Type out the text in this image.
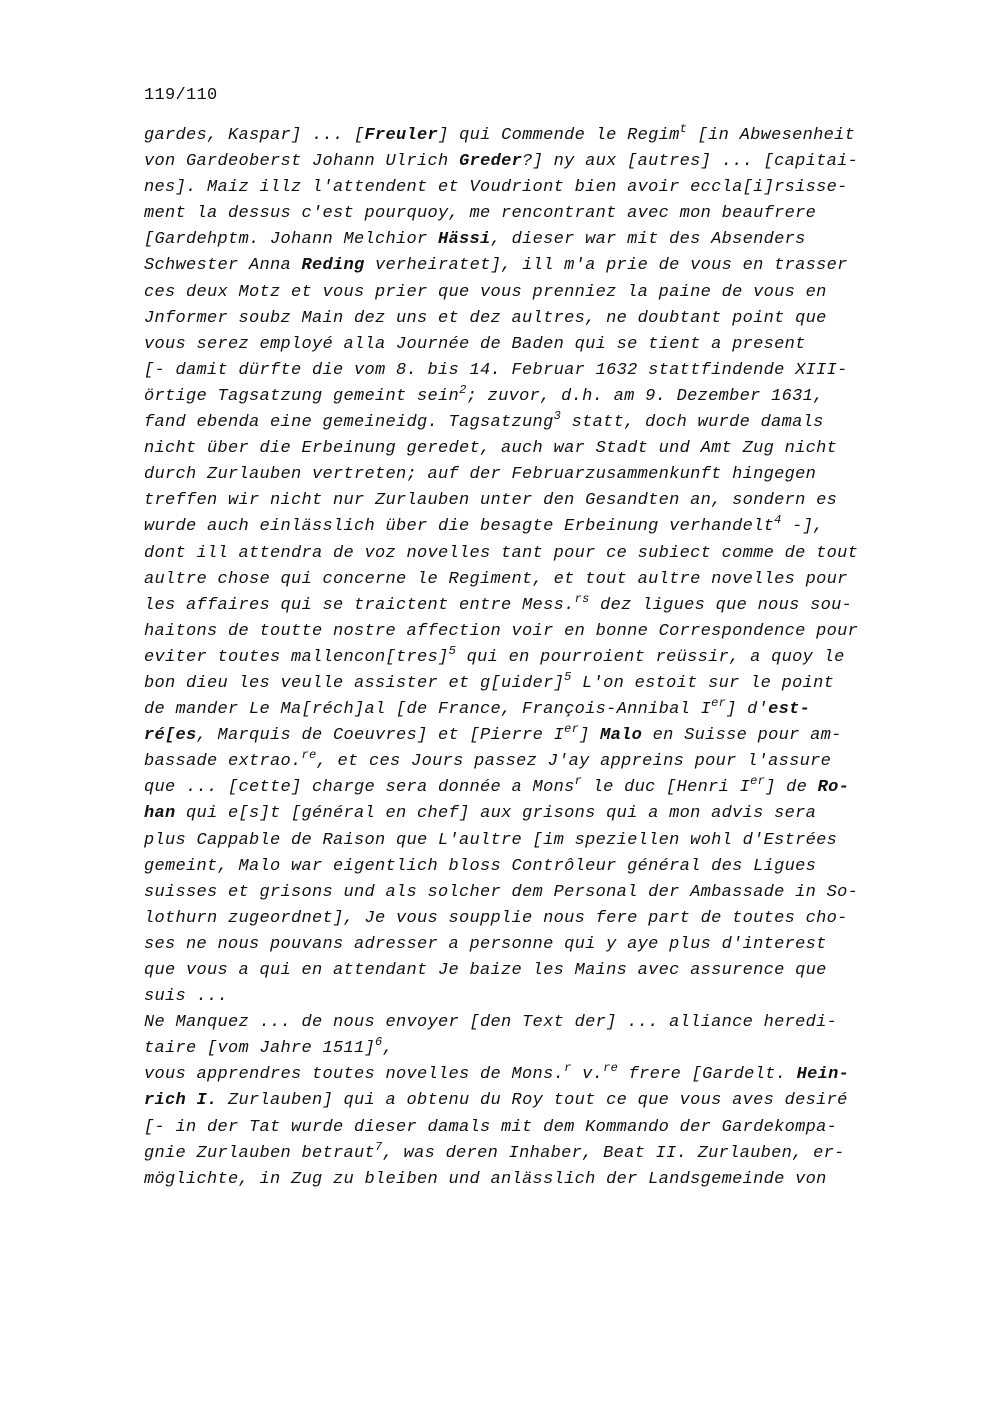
119/110
gardes, Kaspar] ... [Freuler] qui Commende le Regim$^t$ [in Abwesenheit
von Gardeoberst Johann Ulrich Greder?] ny aux [autres] ... [capitai-
nes]. Maiz illz l'attendent et Voudriont bien avoir eccla[i]rsisse-
ment la dessus c'est pourquoy, me rencontrant avec mon beaufrere
[Gardehptm. Johann Melchior Hässi, dieser war mit des Absenders
Schwester Anna Reding verheiratet], ill m'a prie de vous en trasser
ces deux Motz et vous prier que vous prenniez la paine de vous en
Jnformer soubz Main dez uns et dez aultres, ne doubtant point que
vous serez employé alla Journée de Baden qui se tient a present
[- damit dürfte die vom 8. bis 14. Februar 1632 stattfindende XIII-
örtige Tagsatzung gemeint sein$^2$; zuvor, d.h. am 9. Dezember 1631,
fand ebenda eine gemeineidg. Tagsatzung$^3$ statt, doch wurde damals
nicht über die Erbeinung geredet, auch war Stadt und Amt Zug nicht
durch Zurlauben vertreten; auf der Februarzusammenkunft hingegen
treffen wir nicht nur Zurlauben unter den Gesandten an, sondern es
wurde auch einlässlich über die besagte Erbeinung verhandelt$^4$ -],
dont ill attendra de voz novelles tant pour ce subiect comme de tout
aultre chose qui concerne le Regiment, et tout aultre novelles pour
les affaires qui se traictent entre Mess.$^{rs}$ dez ligues que nous sou-
haitons de toutte nostre affection voir en bonne Correspondence pour
eviter toutes mallencon[tres]$^5$ qui en pourroient reüssir, a quoy le
bon dieu les veulle assister et g[uider]$^5$ L'on estoit sur le point
de mander Le Ma[réch]al [de France, François-Annibal Ier] d'est-
ré[es, Marquis de Coeuvres] et [Pierre Ier] Malo en Suisse pour am-
bassade extrao.$^{re}$, et ces Jours passez J'ay appreins pour l'assure
que ... [cette] charge sera donnée a Mons$^r$ le duc [Henri Ier] de Ro-
han qui e[s]t [général en chef] aux grisons qui a mon advis sera
plus Cappable de Raison que L'aultre [im speziellen wohl d'Estrées
gemeint, Malo war eigentlich bloss Contrôleur général des Ligues
suisses et grisons und als solcher dem Personal der Ambassade in So-
lothurn zugeordnet], Je vous soupplie nous fere part de toutes cho-
ses ne nous pouvans adresser a personne qui y aye plus d'interest
que vous a qui en attendant Je baize les Mains avec assurence que
suis ...
Ne Manquez ... de nous envoyer [den Text der] ... alliance heredi-
taire [vom Jahre 1511]$^6$,
vous apprendres toutes novelles de Mons.$^r$ v.$^{re}$ frere [Gardelt. Hein-
rich I. Zurlauben] qui a obtenu du Roy tout ce que vous aves desiré
[- in der Tat wurde dieser damals mit dem Kommando der Gardekompa-
gnie Zurlauben betraut$^7$, was deren Inhaber, Beat II. Zurlauben, er-
möglichte, in Zug zu bleiben und anlässlich der Landsgemeinde von
